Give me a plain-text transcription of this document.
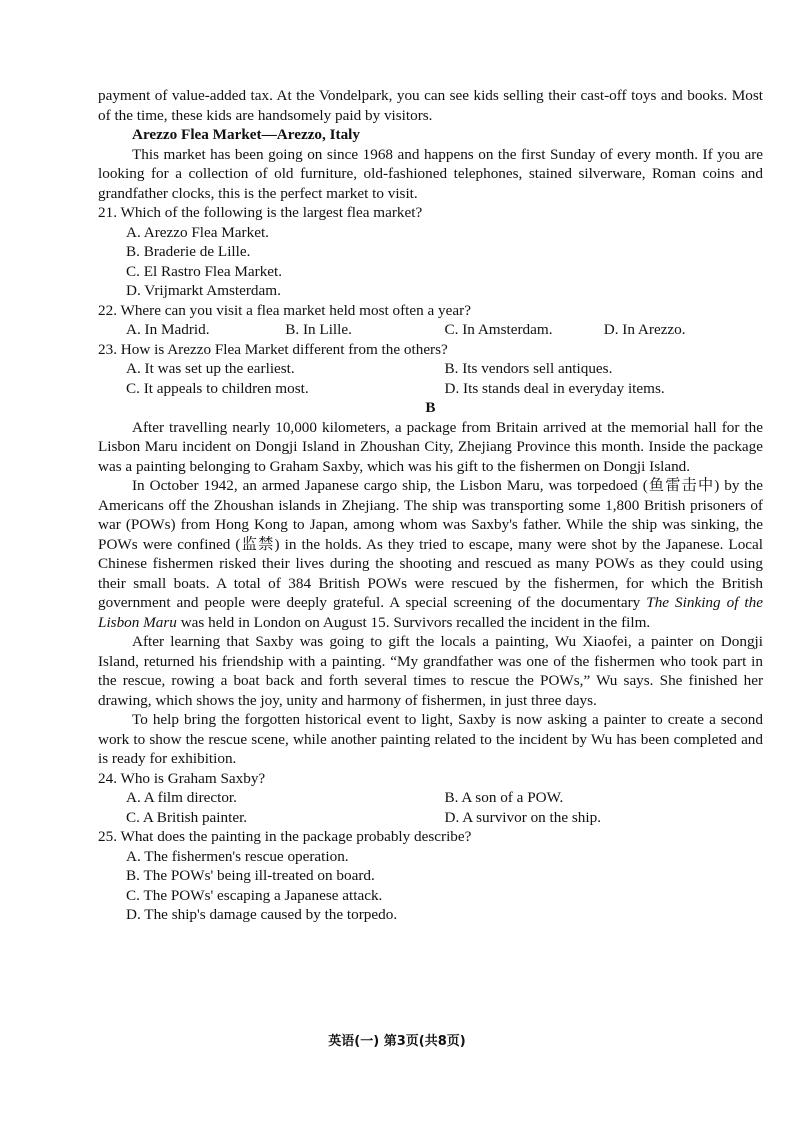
payment of value-added tax. At the Vondelpark, you can see kids selling their cast-off toys and books. Most of the time, these kids are handsomely paid by visitors.

Arezzo Flea Market—Arezzo, Italy

This market has been going on since 1968 and happens on the first Sunday of every month. If you are looking for a collection of old furniture, old-fashioned telephones, stained silverware, Roman coins and grandfather clocks, this is the perfect market to visit.

21. Which of the following is the largest flea market?

A. Arezzo Flea Market.
B. Braderie de Lille.
C. El Rastro Flea Market.
D. Vrijmarkt Amsterdam.

22. Where can you visit a flea market held most often a year?

A. In Madrid.	B. In Lille.	C. In Amsterdam.	D. In Arezzo.

23. How is Arezzo Flea Market different from the others?

A. It was set up the earliest.	B. Its vendors sell antiques.
C. It appeals to children most.	D. Its stands deal in everyday items.

B

After travelling nearly 10,000 kilometers, a package from Britain arrived at the memorial hall for the Lisbon Maru incident on Dongji Island in Zhoushan City, Zhejiang Province this month. Inside the package was a painting belonging to Graham Saxby, which was his gift to the fishermen on Dongji Island.

In October 1942, an armed Japanese cargo ship, the Lisbon Maru, was torpedoed (鱼雷击中) by the Americans off the Zhoushan islands in Zhejiang. The ship was transporting some 1,800 British prisoners of war (POWs) from Hong Kong to Japan, among whom was Saxby's father. While the ship was sinking, the POWs were confined (监禁) in the holds. As they tried to escape, many were shot by the Japanese. Local Chinese fishermen risked their lives during the shooting and rescued as many POWs as they could using their small boats. A total of 384 British POWs were rescued by the fishermen, for which the British government and people were deeply grateful. A special screening of the documentary The Sinking of the Lisbon Maru was held in London on August 15. Survivors recalled the incident in the film.

After learning that Saxby was going to gift the locals a painting, Wu Xiaofei, a painter on Dongji Island, returned his friendship with a painting. “My grandfather was one of the fishermen who took part in the rescue, rowing a boat back and forth several times to rescue the POWs,” Wu says. She finished her drawing, which shows the joy, unity and harmony of fishermen, in just three days.

To help bring the forgotten historical event to light, Saxby is now asking a painter to create a second work to show the rescue scene, while another painting related to the incident by Wu has been completed and is ready for exhibition.

24. Who is Graham Saxby?

A. A film director.	B. A son of a POW.
C. A British painter.	D. A survivor on the ship.

25. What does the painting in the package probably describe?

A. The fishermen's rescue operation.
B. The POWs' being ill-treated on board.
C. The POWs' escaping a Japanese attack.
D. The ship's damage caused by the torpedo.
英语(一) 第3页(共8页)
